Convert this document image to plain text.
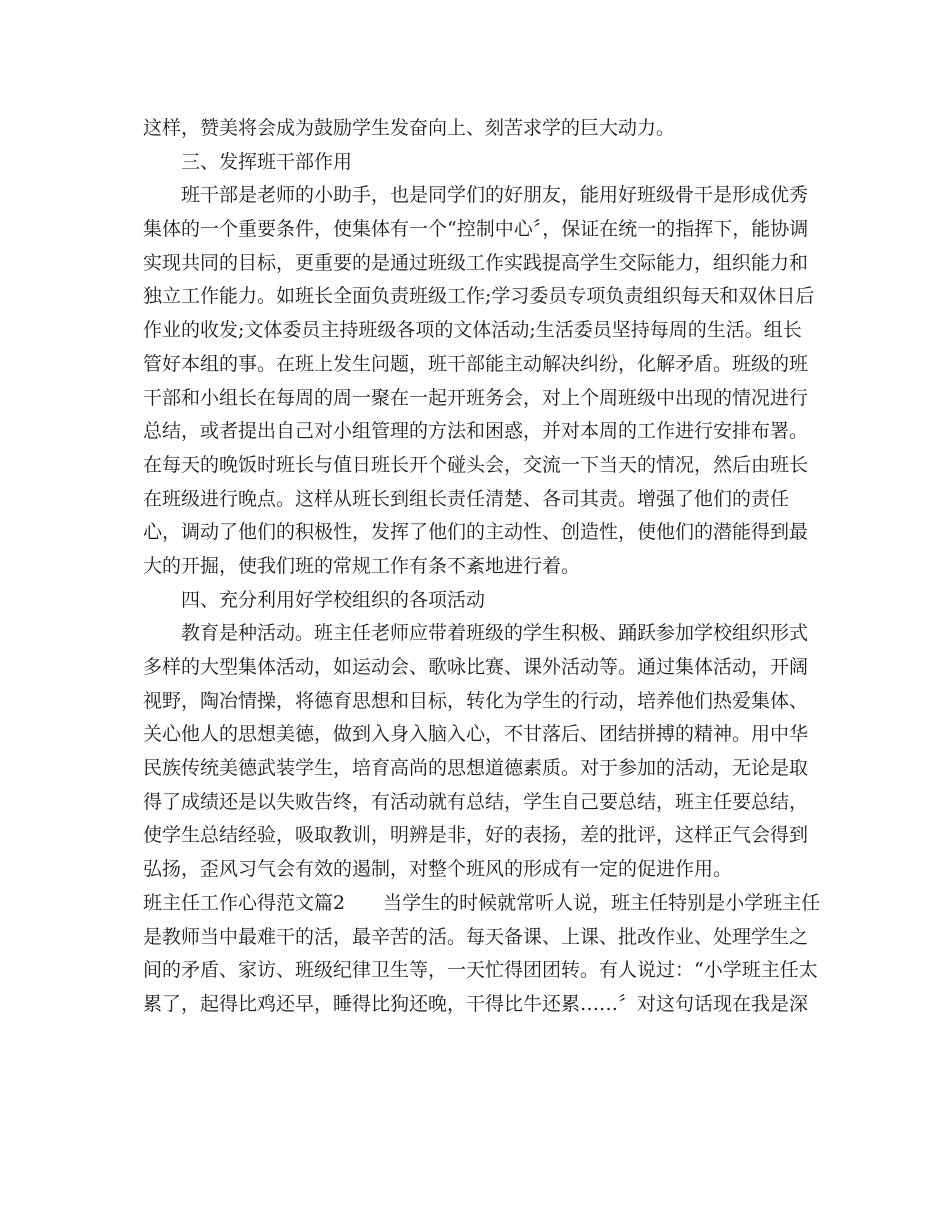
这样，赞美将会成为鼓励学生发奋向上、刻苦求学的巨大动力。
三、发挥班干部作用
班干部是老师的小助手，也是同学们的好朋友，能用好班级骨干是形成优秀
集体的一个重要条件，使集体有一个“控制中心〞，保证在统一的指挥下，能协调
实现共同的目标，更重要的是通过班级工作实践提高学生交际能力，组织能力和
独立工作能力。如班长全面负责班级工作;学习委员专项负责组织每天和双休日后
作业的收发;文体委员主持班级各项的文体活动;生活委员坚持每周的生活。组长
管好本组的事。在班上发生问题，班干部能主动解决纠纷，化解矛盾。班级的班
干部和小组长在每周的周一聚在一起开班务会，对上个周班级中出现的情况进行
总结，或者提出自己对小组管理的方法和困惑，并对本周的工作进行安排布署。
在每天的晚饭时班长与值日班长开个碰头会，交流一下当天的情况，然后由班长
在班级进行晚点。这样从班长到组长责任清楚、各司其责。增强了他们的责任
心，调动了他们的积极性，发挥了他们的主动性、创造性，使他们的潜能得到最
大的开掘，使我们班的常规工作有条不紊地进行着。
四、充分利用好学校组织的各项活动
教育是种活动。班主任老师应带着班级的学生积极、踊跃参加学校组织形式
多样的大型集体活动，如运动会、歌咏比赛、课外活动等。通过集体活动，开阔
视野，陶冶情操，将德育思想和目标，转化为学生的行动，培养他们热爱集体、
关心他人的思想美德，做到入身入脑入心，不甘落后、团结拼搏的精神。用中华
民族传统美德武装学生，培育高尚的思想道德素质。对于参加的活动，无论是取
得了成绩还是以失败告终，有活动就有总结，学生自己要总结，班主任要总结，
使学生总结经验，吸取教训，明辨是非，好的表扬，差的批评，这样正气会得到
弘扬，歪风习气会有效的遏制，对整个班风的形成有一定的促进作用。
班主任工作心得范文篇2　　当学生的时候就常听人说，班主任特别是小学班主任
是教师当中最难干的活，最辛苦的活。每天备课、上课、批改作业、处理学生之
间的矛盾、家访、班级纪律卫生等，一天忙得团团转。有人说过：“小学班主任太
累了，起得比鸡还早，睡得比狗还晚，干得比牛还累……〞对这句话现在我是深
